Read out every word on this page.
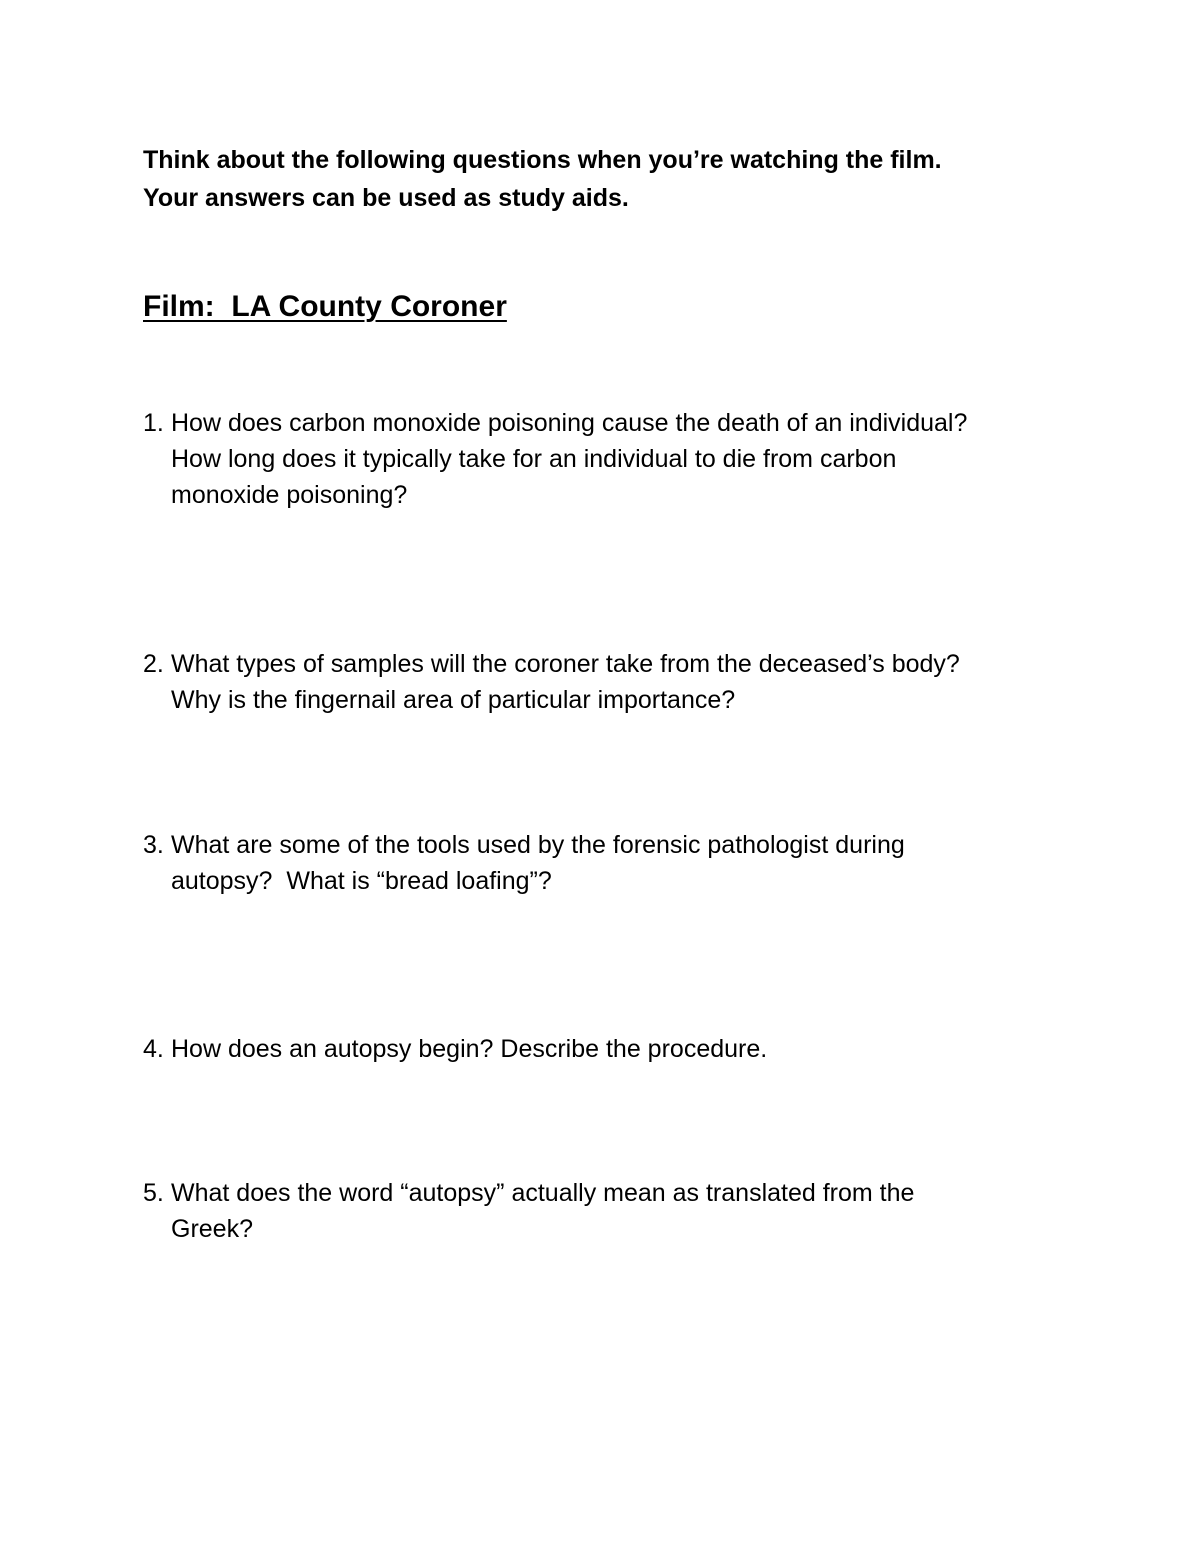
Think about the following questions when you’re watching the film.
Your answers can be used as study aids.

Film:  LA County Coroner
1. How does carbon monoxide poisoning cause the death of an individual?
How long does it typically take for an individual to die from carbon
monoxide poisoning?
2. What types of samples will the coroner take from the deceased’s body?
Why is the fingernail area of particular importance?
3. What are some of the tools used by the forensic pathologist during
autopsy?  What is “bread loafing”?
4. How does an autopsy begin? Describe the procedure.
5. What does the word “autopsy” actually mean as translated from the
Greek?
